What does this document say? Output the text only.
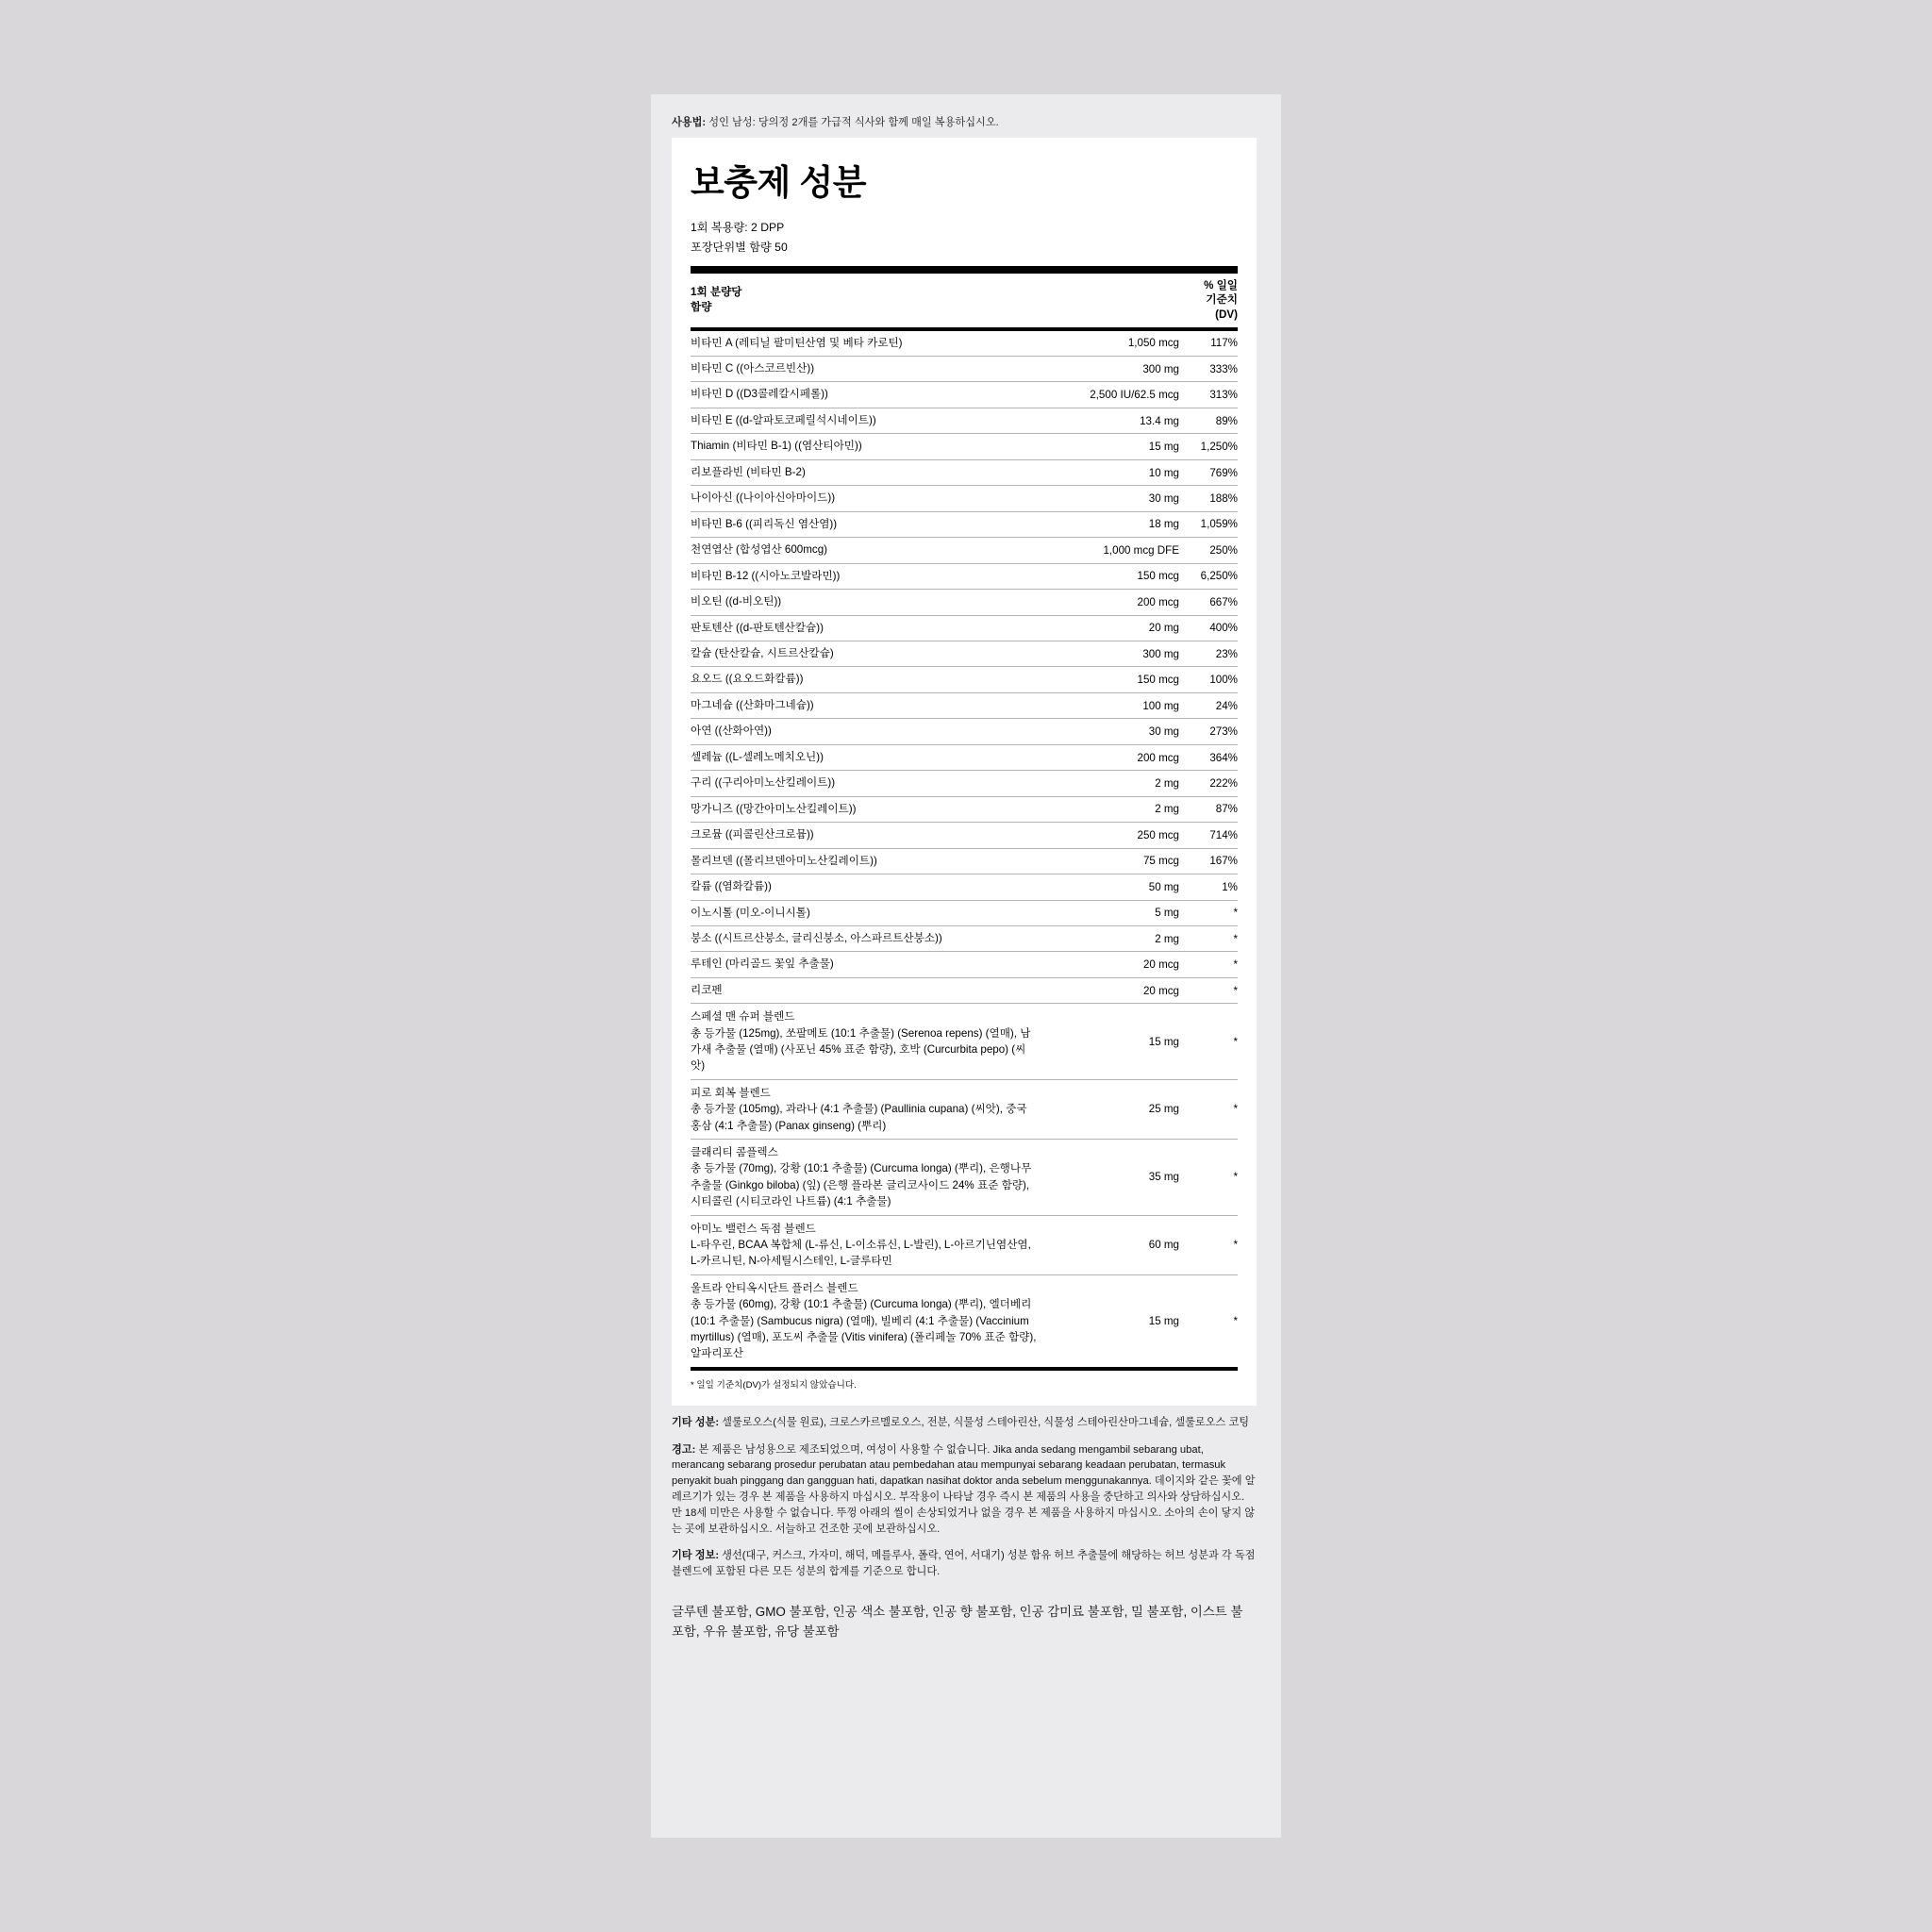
사용법: 성인 남성: 당의정 2개를 가급적 식사와 함께 매일 복용하십시오.
보충제 성분
1회 복용량: 2 DPP
포장단위별 함량 50
1회 분량당
함량

% 일일
기준치
(DV)
비타민 A (레티닐 팔미틴산염 및 베타 카로틴)	1,050 mcg	117%
비타민 C ((아스코르빈산))	300 mg	333%
비타민 D ((D3콜레칼시페롤))	2,500 IU/62.5 mcg	313%
비타민 E ((d-알파토코페릴석시네이트))	13.4 mg	89%
Thiamin (비타민 B-1) ((염산티아민))	15 mg	1,250%
리보플라빈 (비타민 B-2)	10 mg	769%
나이아신 ((나이아신아마이드))	30 mg	188%
비타민 B-6 ((피리독신 염산염))	18 mg	1,059%
천연엽산 (합성엽산 600mcg)	1,000 mcg DFE	250%
비타민 B-12 ((시아노코발라민))	150 mcg	6,250%
비오틴 ((d-비오틴))	200 mcg	667%
판토텐산 ((d-판토텐산칼슘))	20 mg	400%
칼슘 (탄산칼슘, 시트르산칼슘)	300 mg	23%
요오드 ((요오드화칼륨))	150 mcg	100%
마그네슘 ((산화마그네슘))	100 mg	24%
아연 ((산화아연))	30 mg	273%
셀레늄 ((L-셀레노메치오닌))	200 mcg	364%
구리 ((구리아미노산킬레이트))	2 mg	222%
망가니즈 ((망간아미노산킬레이트))	2 mg	87%
크로뮴 ((피콜린산크로뮴))	250 mcg	714%
몰리브덴 ((몰리브덴아미노산킬레이트))	75 mcg	167%
칼륨 ((염화칼륨))	50 mg	1%
이노시톨 (미오-이니시톨)	5 mg	*
붕소 ((시트르산붕소, 글리신붕소, 아스파르트산붕소))	2 mg	*
루테인 (마리골드 꽃잎 추출물)	20 mcg	*
리코펜	20 mcg	*

스페셜 맨 슈퍼 블렌드
총 등가물 (125mg), 쏘팔메토 (10:1 추출물) (Serenoa repens) (열매), 남가새 추출물 (열매) (사포닌 45% 표준 함량), 호박 (Curcurbita pepo) (씨앗)	15 mg	*

피로 회복 블렌드
총 등가물 (105mg), 과라나 (4:1 추출물) (Paullinia cupana) (씨앗), 중국 홍삼 (4:1 추출물) (Panax ginseng) (뿌리)	25 mg	*

클래리티 콤플렉스
총 등가물 (70mg), 강황 (10:1 추출물) (Curcuma longa) (뿌리), 은행나무 추출물 (Ginkgo biloba) (잎) (은행 플라본 글리코사이드 24% 표준 함량), 시티콜린 (시티코라인 나트륨) (4:1 추출물)	35 mg	*

아미노 밸런스 독점 블렌드
L-타우린, BCAA 복합체 (L-류신, L-이소류신, L-발린), L-아르기닌염산염, L-카르니틴, N-아세틸시스테인, L-글루타민	60 mg	*

울트라 안티옥시단트 플러스 블렌드
총 등가물 (60mg), 강황 (10:1 추출물) (Curcuma longa) (뿌리), 엘더베리 (10:1 추출물) (Sambucus nigra) (열매), 빌베리 (4:1 추출물) (Vaccinium myrtillus) (열매), 포도씨 추출물 (Vitis vinifera) (폴리페놀 70% 표준 함량), 알파리포산	15 mg	*
* 일일 기준치(DV)가 설정되지 않았습니다.
기타 성분: 셀룰로오스(식물 원료), 크로스카르멜로오스, 전분, 식물성 스테아린산, 식물성 스테아린산마그네슘, 셀룰로오스 코팅
경고: 본 제품은 남성용으로 제조되었으며, 여성이 사용할 수 없습니다. Jika anda sedang mengambil sebarang ubat, merancang sebarang prosedur perubatan atau pembedahan atau mempunyai sebarang keadaan perubatan, termasuk penyakit buah pinggang dan gangguan hati, dapatkan nasihat doktor anda sebelum menggunakannya. 데이지와 같은 꽃에 알레르기가 있는 경우 본 제품을 사용하지 마십시오. 부작용이 나타날 경우 즉시 본 제품의 사용을 중단하고 의사와 상담하십시오. 만 18세 미만은 사용할 수 없습니다. 뚜껑 아래의 씰이 손상되었거나 없을 경우 본 제품을 사용하지 마십시오. 소아의 손이 닿지 않는 곳에 보관하십시오. 서늘하고 건조한 곳에 보관하십시오.
기타 정보: 생선(대구, 커스크, 가자미, 해덕, 메를루사, 폴락, 연어, 서대기) 성분 함유 허브 추출물에 해당하는 허브 성분과 각 독점 블렌드에 포함된 다른 모든 성분의 합계를 기준으로 합니다.
글루텐 불포함, GMO 불포함, 인공 색소 불포함, 인공 향 불포함, 인공 감미료 불포함, 밀 불포함, 이스트 불포함, 우유 불포함, 유당 불포함
